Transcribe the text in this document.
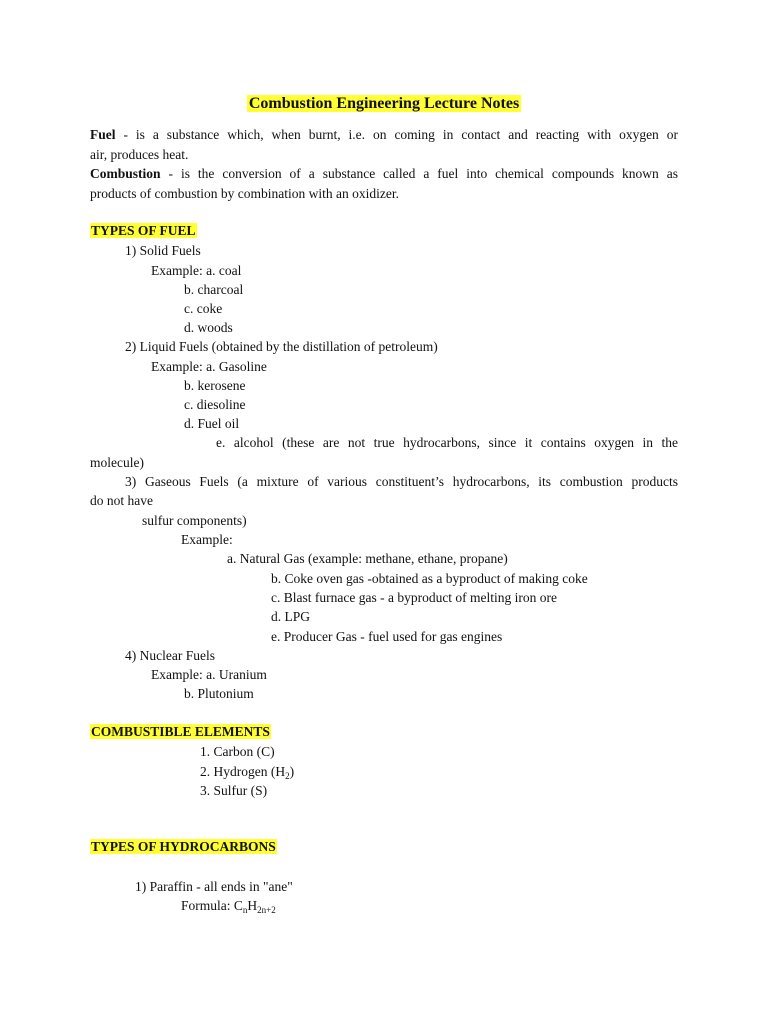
Combustion Engineering Lecture Notes
Fuel - is a substance which, when burnt, i.e. on coming in contact and reacting with oxygen or
air, produces heat.
Combustion - is the conversion of a substance called a fuel into chemical compounds known as
products of combustion by combination with an oxidizer.
TYPES OF FUEL
1) Solid Fuels
Example: a. coal
b. charcoal
c. coke
d. woods
2) Liquid Fuels (obtained by the distillation of petroleum)
Example: a. Gasoline
b. kerosene
c. diesoline
d. Fuel oil
e. alcohol (these are not true hydrocarbons, since it contains oxygen in the
molecule)
3) Gaseous Fuels (a mixture of various constituent’s hydrocarbons, its combustion products
do not have
sulfur components)
Example:
a. Natural Gas (example: methane, ethane, propane)
b. Coke oven gas -obtained as a byproduct of making coke
c. Blast furnace gas - a byproduct of melting iron ore
d. LPG
e. Producer Gas - fuel used for gas engines
4) Nuclear Fuels
Example: a. Uranium
b. Plutonium
COMBUSTIBLE ELEMENTS
1. Carbon (C)
2. Hydrogen $(H_2)$
3. Sulfur (S)
TYPES OF HYDROCARBONS
1) Paraffin - all ends in "ane"
Formula: $C_nH_{2n+2}$
